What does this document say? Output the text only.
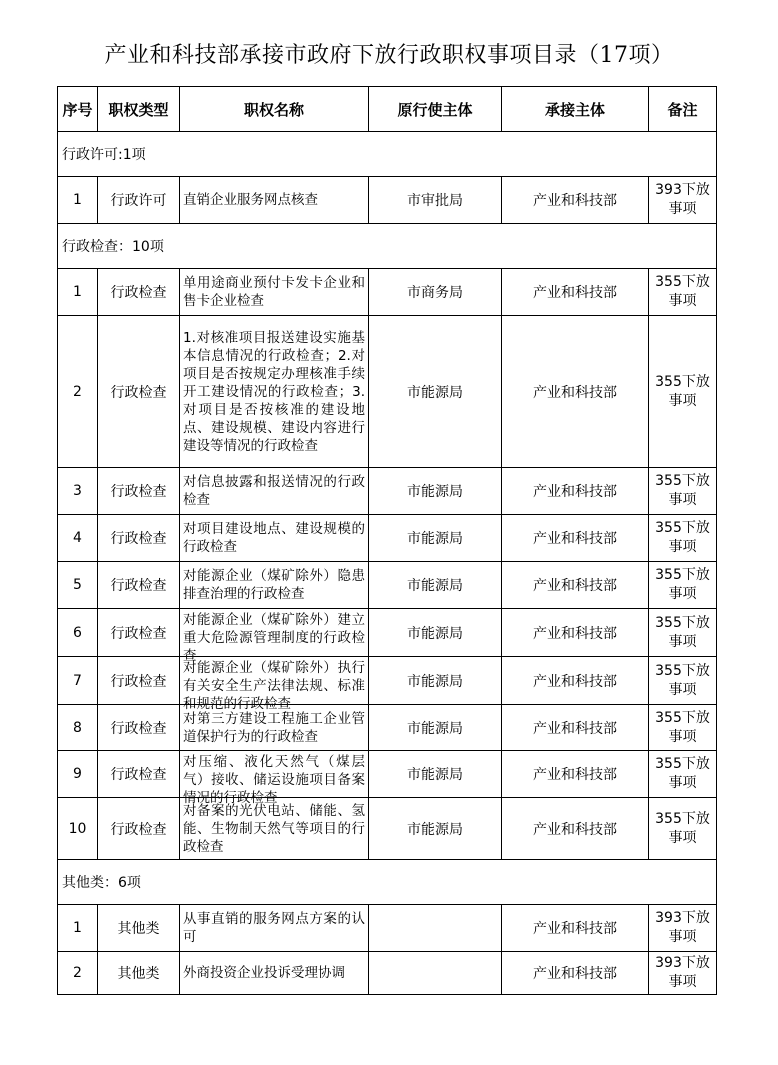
产业和科技部承接市政府下放行政职权事项目录（17项）
序号	职权类型	职权名称	原行使主体	承接主体	备注
行政许可:1项					
1	行政许可	直销企业服务网点核查	市审批局	产业和科技部	393下放事项
行政检查：10项					
1	行政检查	单用途商业预付卡发卡企业和售卡企业检查	市商务局	产业和科技部	355下放事项
2	行政检查	1.对核准项目报送建设实施基本信息情况的行政检查；2.对项目是否按规定办理核准手续开工建设情况的行政检查；3.对项目是否按核准的建设地点、建设规模、建设内容进行建设等情况的行政检查	市能源局	产业和科技部	355下放事项
3	行政检查	对信息披露和报送情况的行政检查	市能源局	产业和科技部	355下放事项
4	行政检查	对项目建设地点、建设规模的行政检查	市能源局	产业和科技部	355下放事项
5	行政检查	对能源企业（煤矿除外）隐患排查治理的行政检查	市能源局	产业和科技部	355下放事项
6	行政检查	对能源企业（煤矿除外）建立重大危险源管理制度的行政检查	市能源局	产业和科技部	355下放事项
7	行政检查	对能源企业（煤矿除外）执行有关安全生产法律法规、标准和规范的行政检查	市能源局	产业和科技部	355下放事项
8	行政检查	对第三方建设工程施工企业管道保护行为的行政检查	市能源局	产业和科技部	355下放事项
9	行政检查	对压缩、液化天然气（煤层气）接收、储运设施项目备案情况的行政检查	市能源局	产业和科技部	355下放事项
10	行政检查	对备案的光伏电站、储能、氢能、生物制天然气等项目的行政检查	市能源局	产业和科技部	355下放事项
其他类：6项					
1	其他类	从事直销的服务网点方案的认可		产业和科技部	393下放事项
2	其他类	外商投资企业投诉受理协调		产业和科技部	393下放事项
